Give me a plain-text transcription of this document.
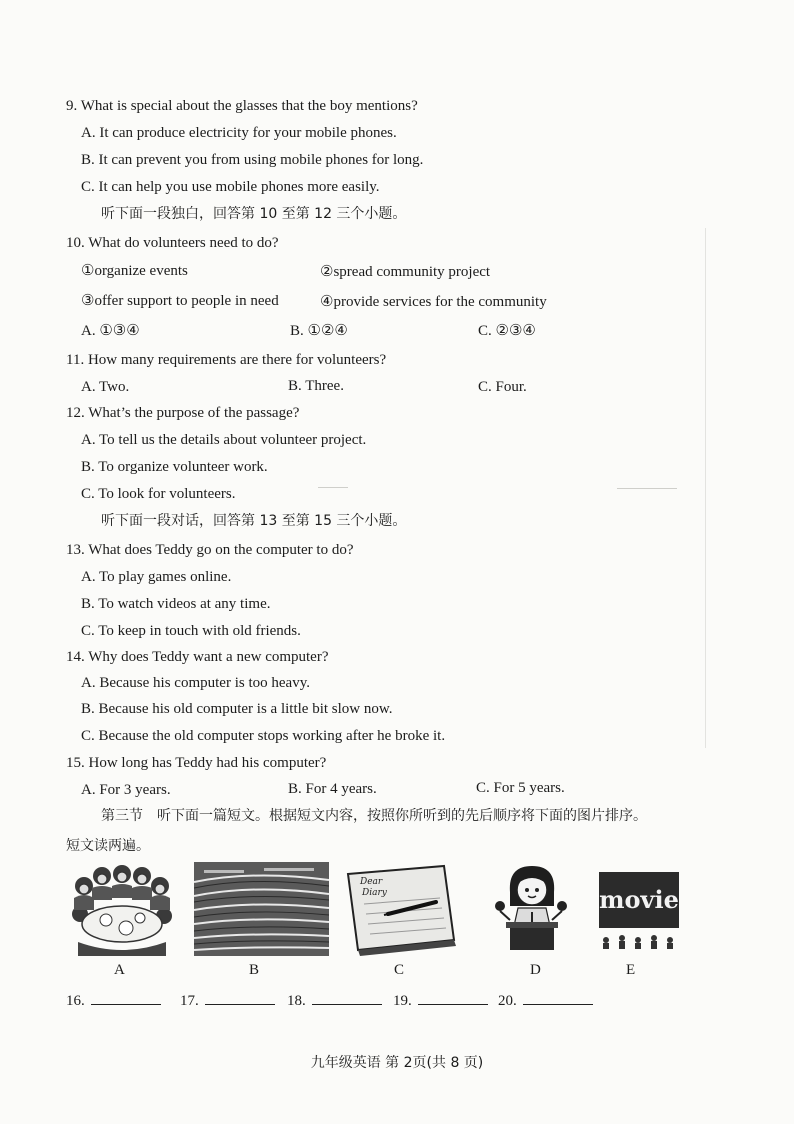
9. What is special about the glasses that the boy mentions?
A. It can produce electricity for your mobile phones.
B. It can prevent you from using mobile phones for long.
C. It can help you use mobile phones more easily.
听下面一段独白，回答第 10 至第 12 三个小题。
10. What do volunteers need to do?
①organize events	②spread community project
③offer support to people in need	④provide services for the community
A. ①③④	B. ①②④	C. ②③④
11. How many requirements are there for volunteers?
A. Two.	B. Three.	C. Four.
12. What’s the purpose of the passage?
A. To tell us the details about volunteer project.
B. To organize volunteer work.
C. To look for volunteers.
听下面一段对话，回答第 13 至第 15 三个小题。
13. What does Teddy go on the computer to do?
A. To play games online.
B. To watch videos at any time.
C. To keep in touch with old friends.
14. Why does Teddy want a new computer?
A. Because his computer is too heavy.
B. Because his old computer is a little bit slow now.
C. Because the old computer stops working after he broke it.
15. How long has Teddy had his computer?
A. For 3 years.	B. For 4 years.	C. For 5 years.
第三节　听下面一篇短文。根据短文内容，按照你所听到的先后顺序将下面的图片排序。
短文读两遍。
A	B
Dear
Diary
C	D
movie
E
16.	17.	18.	19.	20.
九年级英语 第 2页(共 8 页)
